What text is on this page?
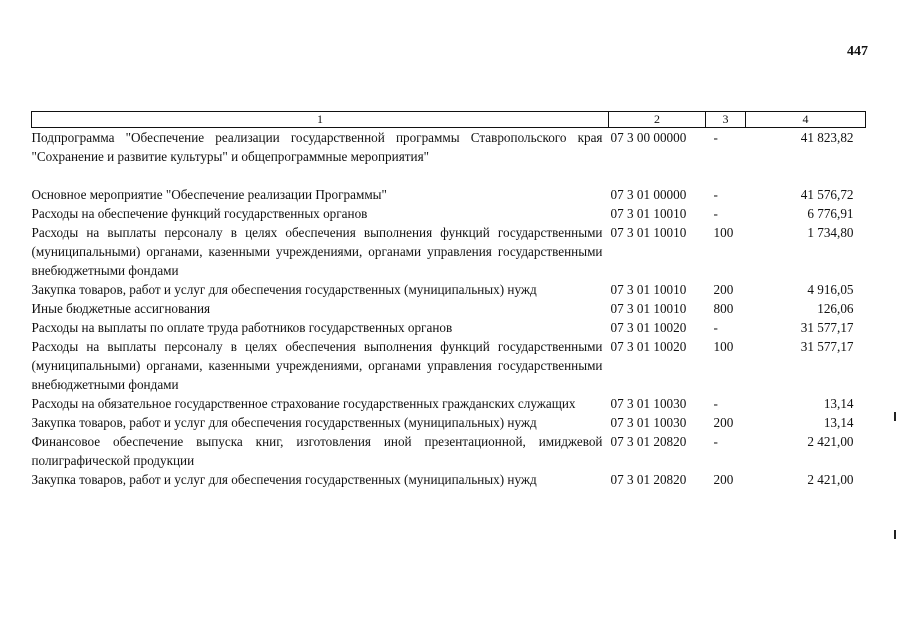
447
1	2	3	4
Подпрограмма "Обеспечение реализации государственной программы Ставропольского края "Сохранение и развитие культуры" и общепрограммные мероприятия"	07 3 00 00000	-	41 823,82
Основное мероприятие "Обеспечение реализации Программы"	07 3 01 00000	-	41 576,72
Расходы на обеспечение функций государственных органов	07 3 01 10010	-	6 776,91
Расходы на выплаты персоналу в целях обеспечения выполнения функций государственными (муниципальными) органами, казенными учреждениями, органами управления государственными внебюджетными фондами	07 3 01 10010	100	1 734,80
Закупка товаров, работ и услуг для обеспечения государственных (муниципальных) нужд	07 3 01 10010	200	4 916,05
Иные бюджетные ассигнования	07 3 01 10010	800	126,06
Расходы на выплаты по оплате труда работников государственных органов	07 3 01 10020	-	31 577,17
Расходы на выплаты персоналу в целях обеспечения выполнения функций государственными (муниципальными) органами, казенными учреждениями, органами управления государственными внебюджетными фондами	07 3 01 10020	100	31 577,17
Расходы на обязательное государственное страхование государственных гражданских служащих	07 3 01 10030	-	13,14
Закупка товаров, работ и услуг для обеспечения государственных (муниципальных) нужд	07 3 01 10030	200	13,14
Финансовое обеспечение выпуска книг, изготовления иной презентационной, имиджевой полиграфической продукции	07 3 01 20820	-	2 421,00
Закупка товаров, работ и услуг для обеспечения государственных (муниципальных) нужд	07 3 01 20820	200	2 421,00
